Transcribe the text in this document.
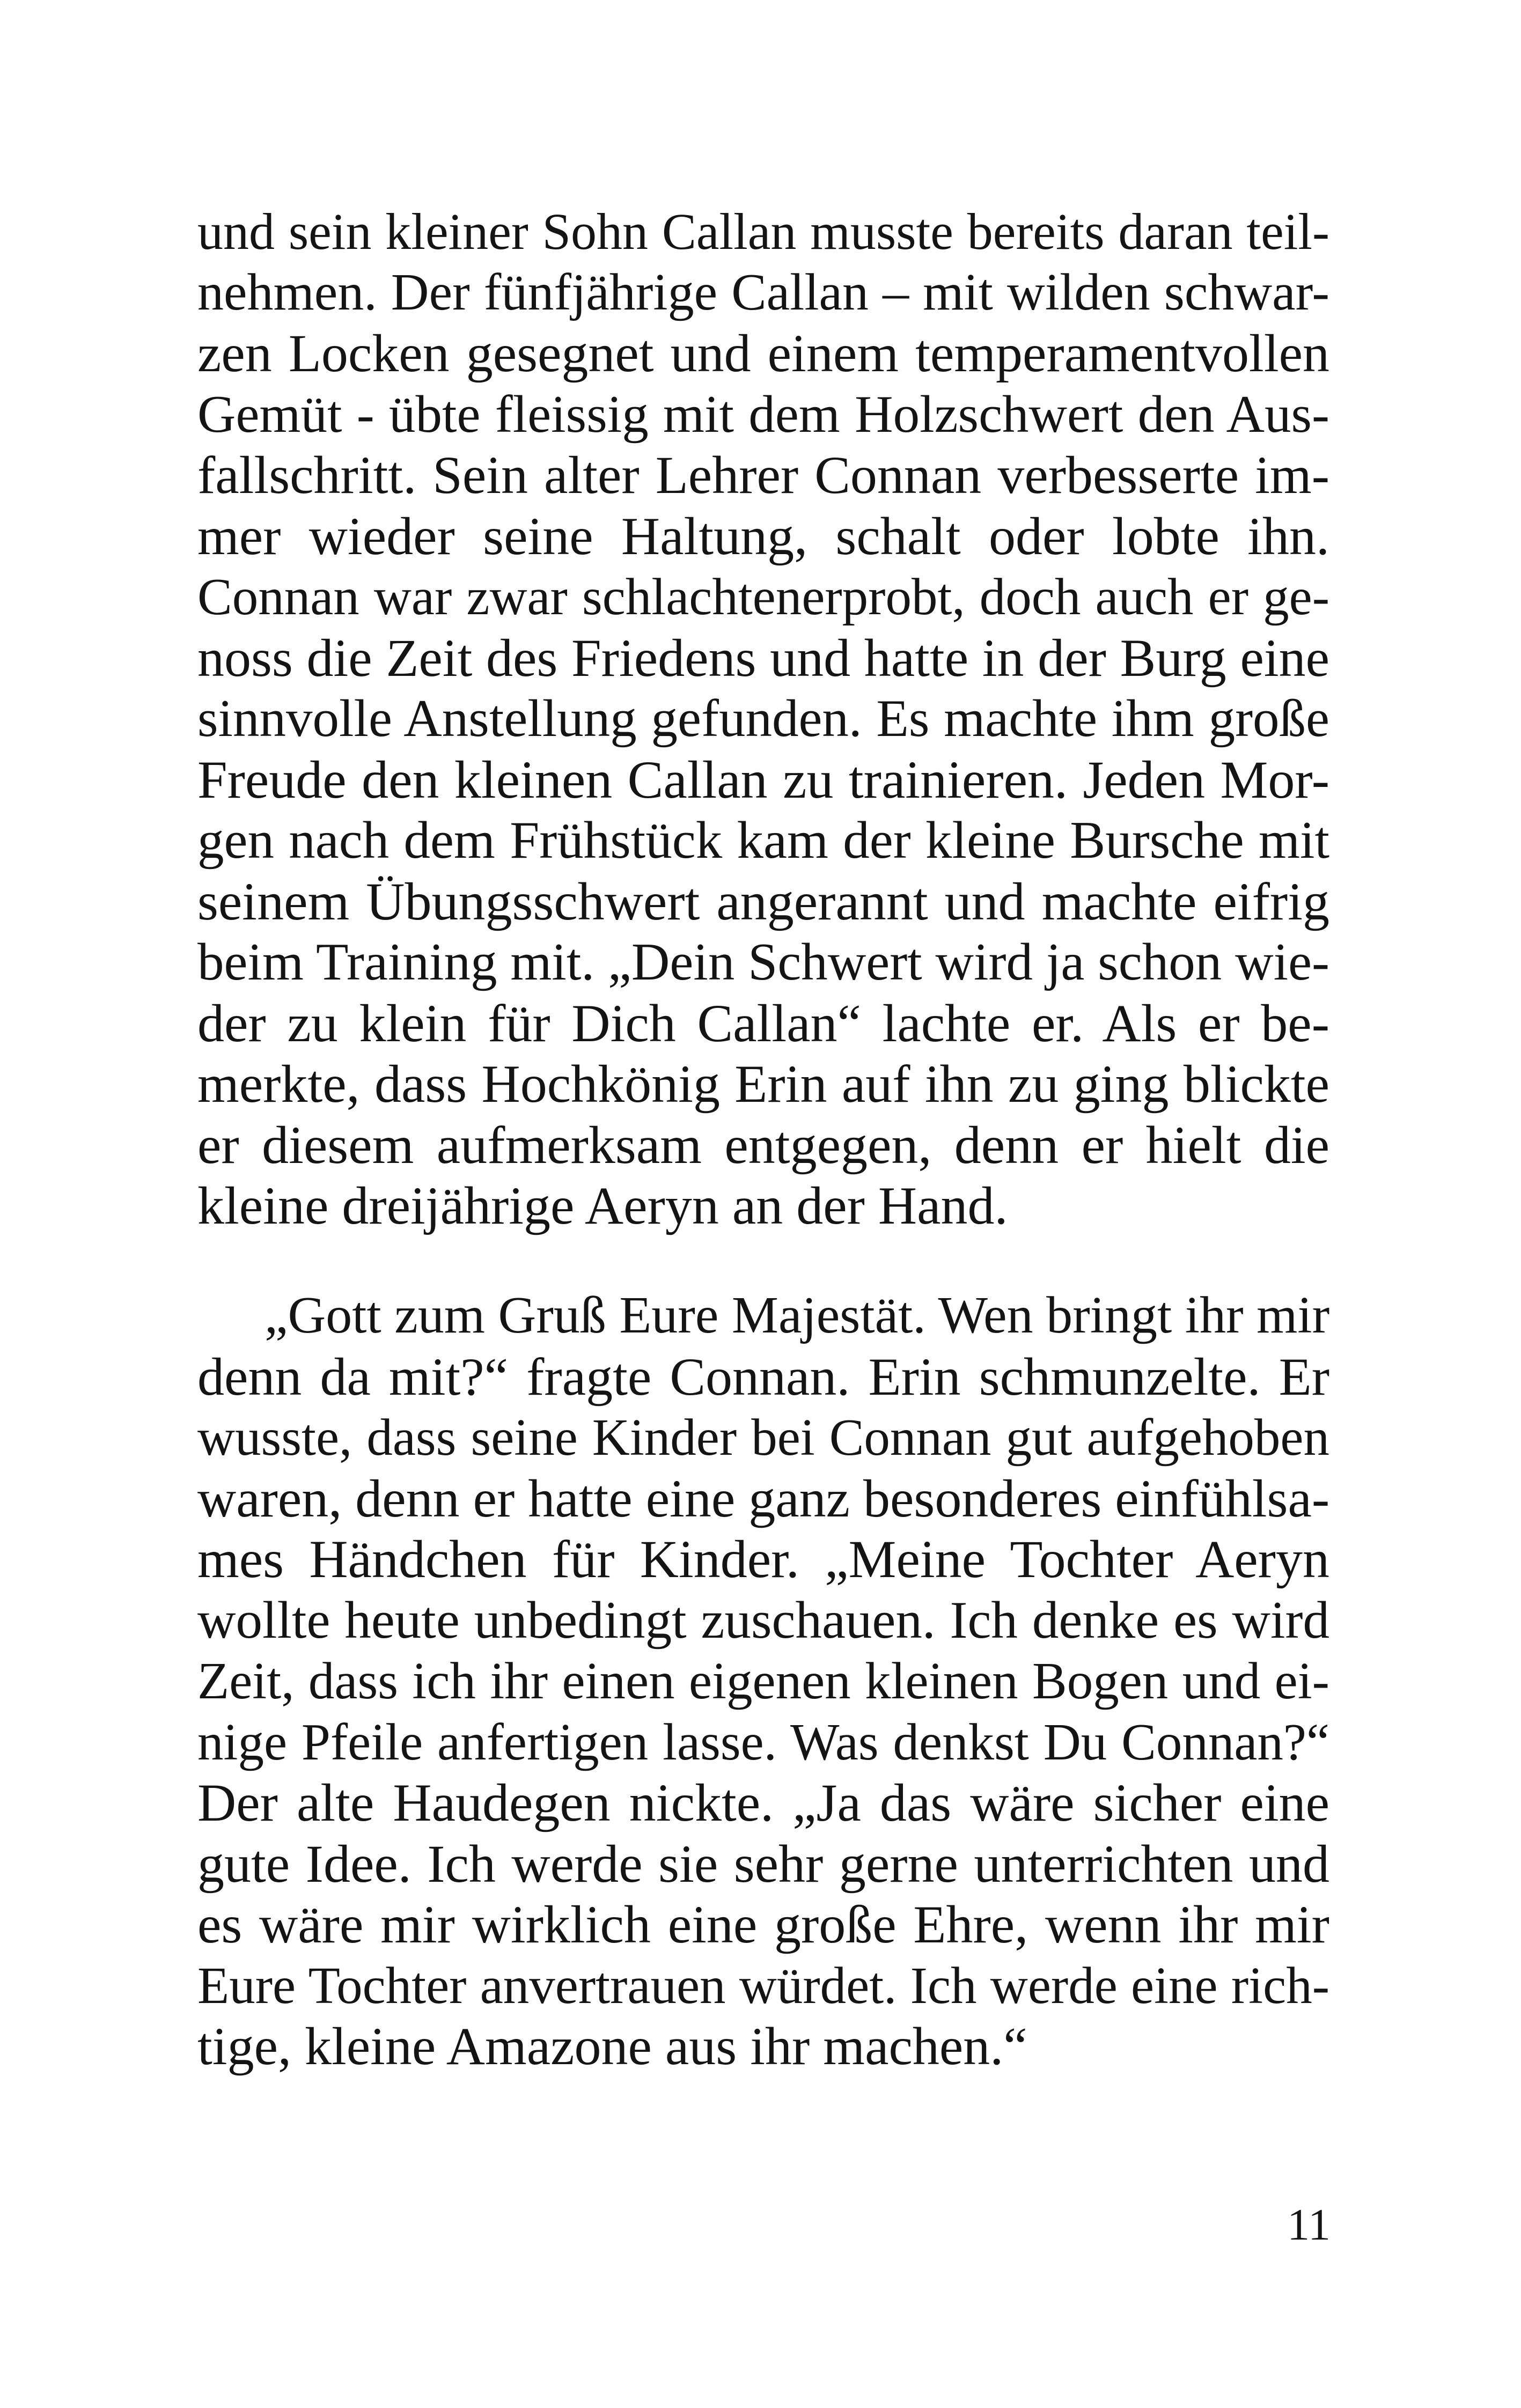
und sein kleiner Sohn Callan musste bereits daran teil-
nehmen. Der fünfjährige Callan – mit wilden schwar-
zen Locken gesegnet und einem temperamentvollen
Gemüt - übte fleissig mit dem Holzschwert den Aus-
fallschritt. Sein alter Lehrer Connan verbesserte im-
mer wieder seine Haltung, schalt oder lobte ihn.
Connan war zwar schlachtenerprobt, doch auch er ge-
noss die Zeit des Friedens und hatte in der Burg eine
sinnvolle Anstellung gefunden. Es machte ihm große
Freude den kleinen Callan zu trainieren. Jeden Mor-
gen nach dem Frühstück kam der kleine Bursche mit
seinem Übungsschwert angerannt und machte eifrig
beim Training mit. „Dein Schwert wird ja schon wie-
der zu klein für Dich Callan“ lachte er. Als er be-
merkte, dass Hochkönig Erin auf ihn zu ging blickte
er diesem aufmerksam entgegen, denn er hielt die
kleine dreijährige Aeryn an der Hand.
„Gott zum Gruß Eure Majestät. Wen bringt ihr mir
denn da mit?“ fragte Connan. Erin schmunzelte. Er
wusste, dass seine Kinder bei Connan gut aufgehoben
waren, denn er hatte eine ganz besonderes einfühlsa-
mes Händchen für Kinder. „Meine Tochter Aeryn
wollte heute unbedingt zuschauen. Ich denke es wird
Zeit, dass ich ihr einen eigenen kleinen Bogen und ei-
nige Pfeile anfertigen lasse. Was denkst Du Connan?“
Der alte Haudegen nickte. „Ja das wäre sicher eine
gute Idee. Ich werde sie sehr gerne unterrichten und
es wäre mir wirklich eine große Ehre, wenn ihr mir
Eure Tochter anvertrauen würdet. Ich werde eine rich-
tige, kleine Amazone aus ihr machen.“
11
